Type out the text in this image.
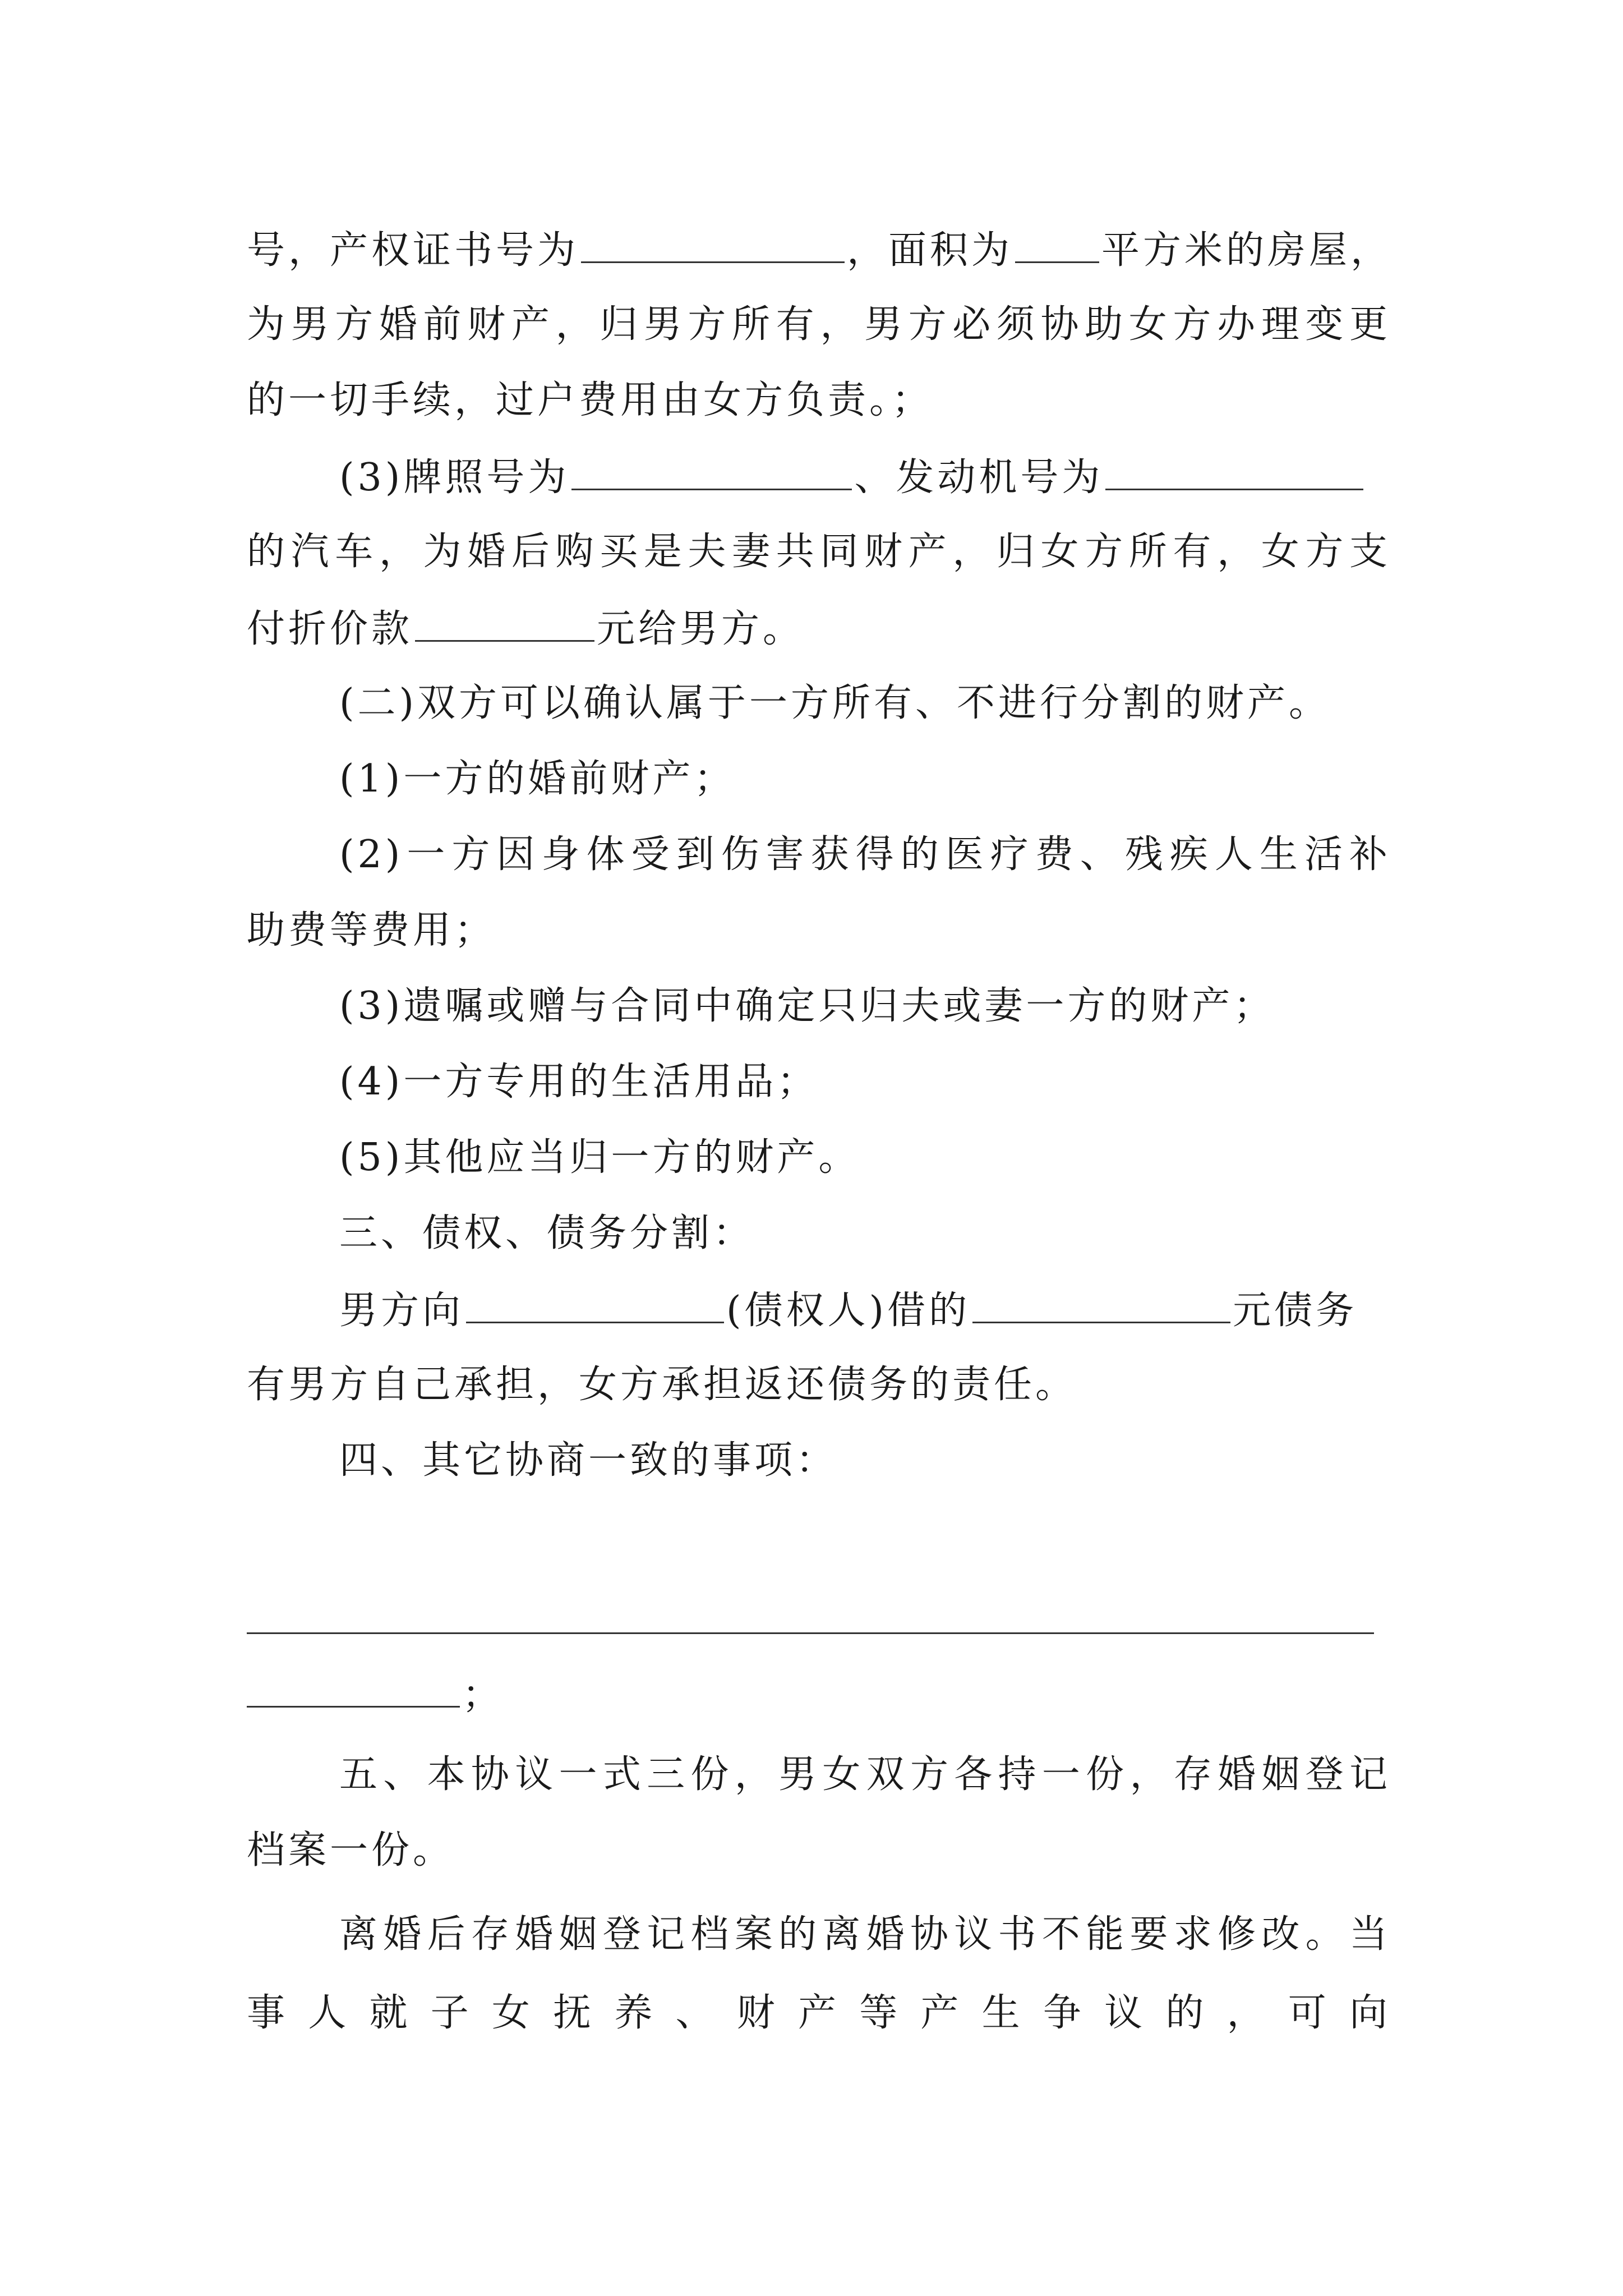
号，产权证书号为	，面积为 平方米的房屋，
为男方婚前财产，归男方所有，男方必须协助女方办理变更
的一切手续，过户费用由女方负责。；
(3)牌照号为	、发动机号为
的汽车，为婚后购买是夫妻共同财产，归女方所有，女方支
付折价款	元给男方。
(二)双方可以确认属于一方所有、不进行分割的财产。
(1)一方的婚前财产；
(2)一方因身体受到伤害获得的医疗费、残疾人生活补
助费等费用；
(3)遗嘱或赠与合同中确定只归夫或妻一方的财产；
(4)一方专用的生活用品；
(5)其他应当归一方的财产。
三、债权、债务分割：
男方向	(债权人)借的	元债务
有男方自己承担，女方承担返还债务的责任。
四、其它协商一致的事项：
；
五、本协议一式三份，男女双方各持一份，存婚姻登记
档案一份。
离婚后存婚姻登记档案的离婚协议书不能要求修改。当
事人就子女抚养、财产等产生争议的，可向
